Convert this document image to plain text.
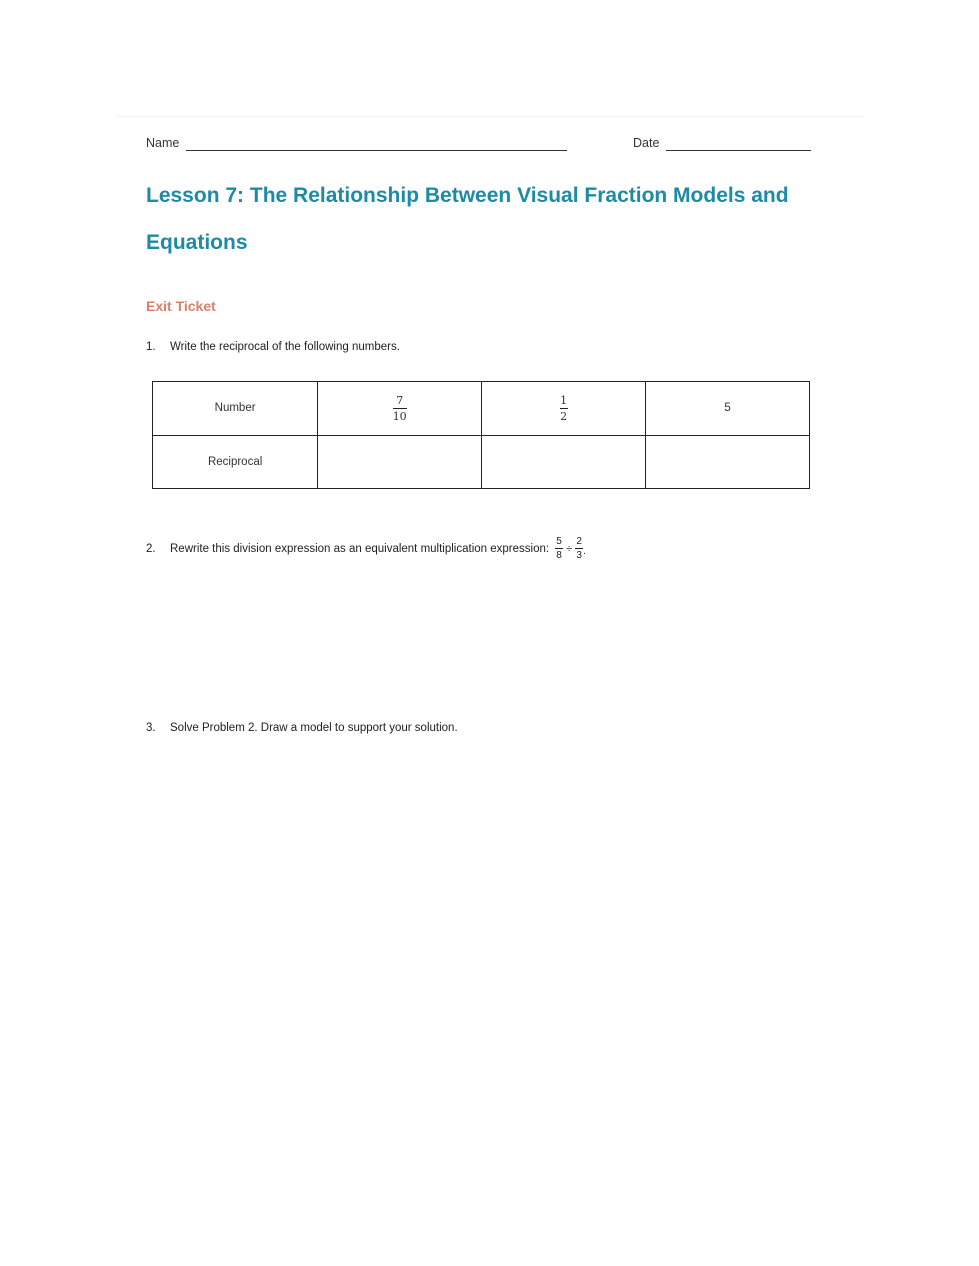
Name	Date
Lesson 7: The Relationship Between Visual Fraction Models and
Equations
Exit Ticket
1. Write the reciprocal of the following numbers.
Number	$\frac{7}{10}$	$\frac{1}{2}$	5
Reciprocal			
2.	Rewrite this division expression as an equivalent multiplication expression: $\frac{5}{8} \div \frac{2}{3}$ .
3. Solve Problem 2. Draw a model to support your solution.
